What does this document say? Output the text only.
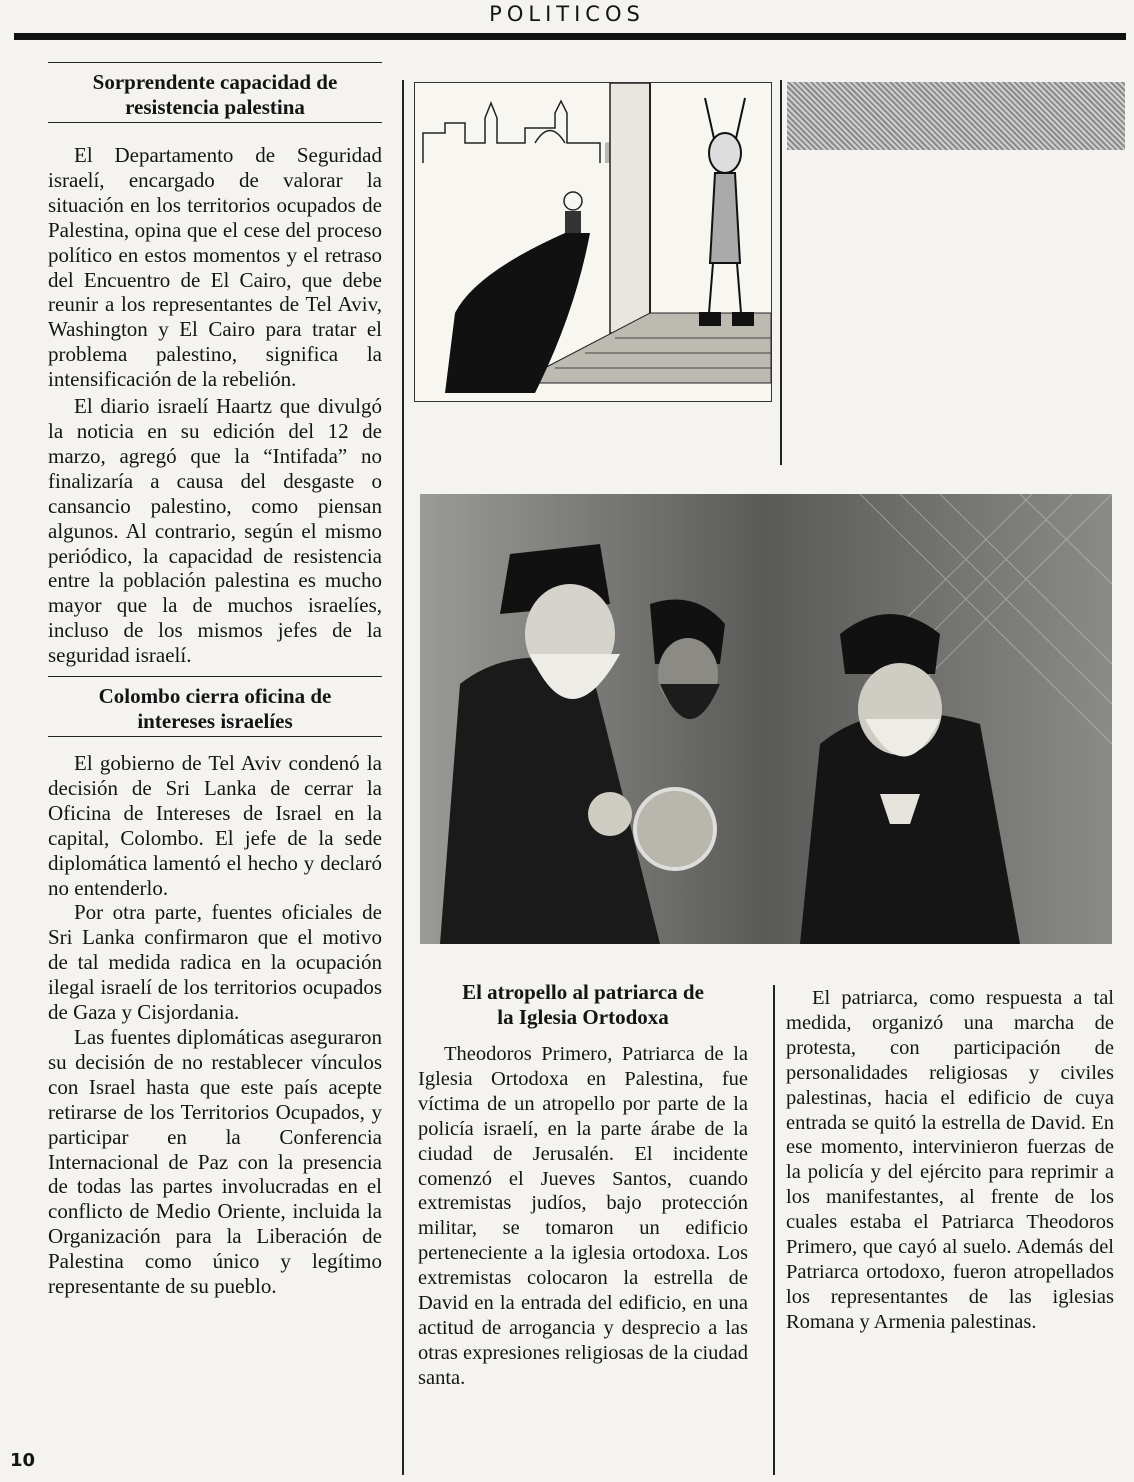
POLITICOS
Sorprendente capacidad de
resistencia palestina

El Departamento de Seguridad israelí, encargado de valorar la situación en los territorios ocupados de Palestina, opina que el cese del proceso político en estos momentos y el retraso del Encuentro de El Cairo, que debe reunir a los representantes de Tel Aviv, Washington y El Cairo para tratar el problema palestino, significa la intensificación de la rebelión.

El diario israelí Haartz que divulgó la noticia en su edición del 12 de marzo, agregó que la “Intifada” no finalizaría a causa del desgaste o cansancio palestino, como piensan algunos. Al contrario, según el mismo periódico, la capacidad de resistencia entre la población palestina es mucho mayor que la de muchos israelíes, incluso de los mismos jefes de la seguridad israelí.

Colombo cierra oficina de
intereses israelíes

El gobierno de Tel Aviv condenó la decisión de Sri Lanka de cerrar la Oficina de Intereses de Israel en la capital, Colombo. El jefe de la sede diplomática lamentó el hecho y declaró no entenderlo.

Por otra parte, fuentes oficiales de Sri Lanka confirmaron que el motivo de tal medida radica en la ocupación ilegal israelí de los territorios ocupados de Gaza y Cisjordania.

Las fuentes diplomáticas aseguraron su decisión de no restablecer vínculos con Israel hasta que este país acepte retirarse de los Territorios Ocupados, y participar en la Conferencia Internacional de Paz con la presencia de todas las partes involucradas en el conflicto de Medio Oriente, incluida la Organización para la Liberación de Palestina como único y legítimo representante de su pueblo.

El atropello al patriarca de
la Iglesia Ortodoxa

Theodoros Primero, Patriarca de la Iglesia Ortodoxa en Palestina, fue víctima de un atropello por parte de la policía israelí, en la parte árabe de la ciudad de Jerusalén. El incidente comenzó el Jueves Santos, cuando extremistas judíos, bajo protección militar, se tomaron un edificio perteneciente a la iglesia ortodoxa. Los extremistas colocaron la estrella de David en la entrada del edificio, en una actitud de arrogancia y desprecio a las otras expresiones religiosas de la ciudad santa.

El patriarca, como respuesta a tal medida, organizó una marcha de protesta, con participación de personalidades religiosas y civiles palestinas, hacia el edificio de cuya entrada se quitó la estrella de David. En ese momento, intervinieron fuerzas de la policía y del ejército para reprimir a los manifestantes, al frente de los cuales estaba el Patriarca Theodoros Primero, que cayó al suelo. Además del Patriarca ortodoxo, fueron atropellados los representantes de las iglesias Romana y Armenia palestinas.

10
